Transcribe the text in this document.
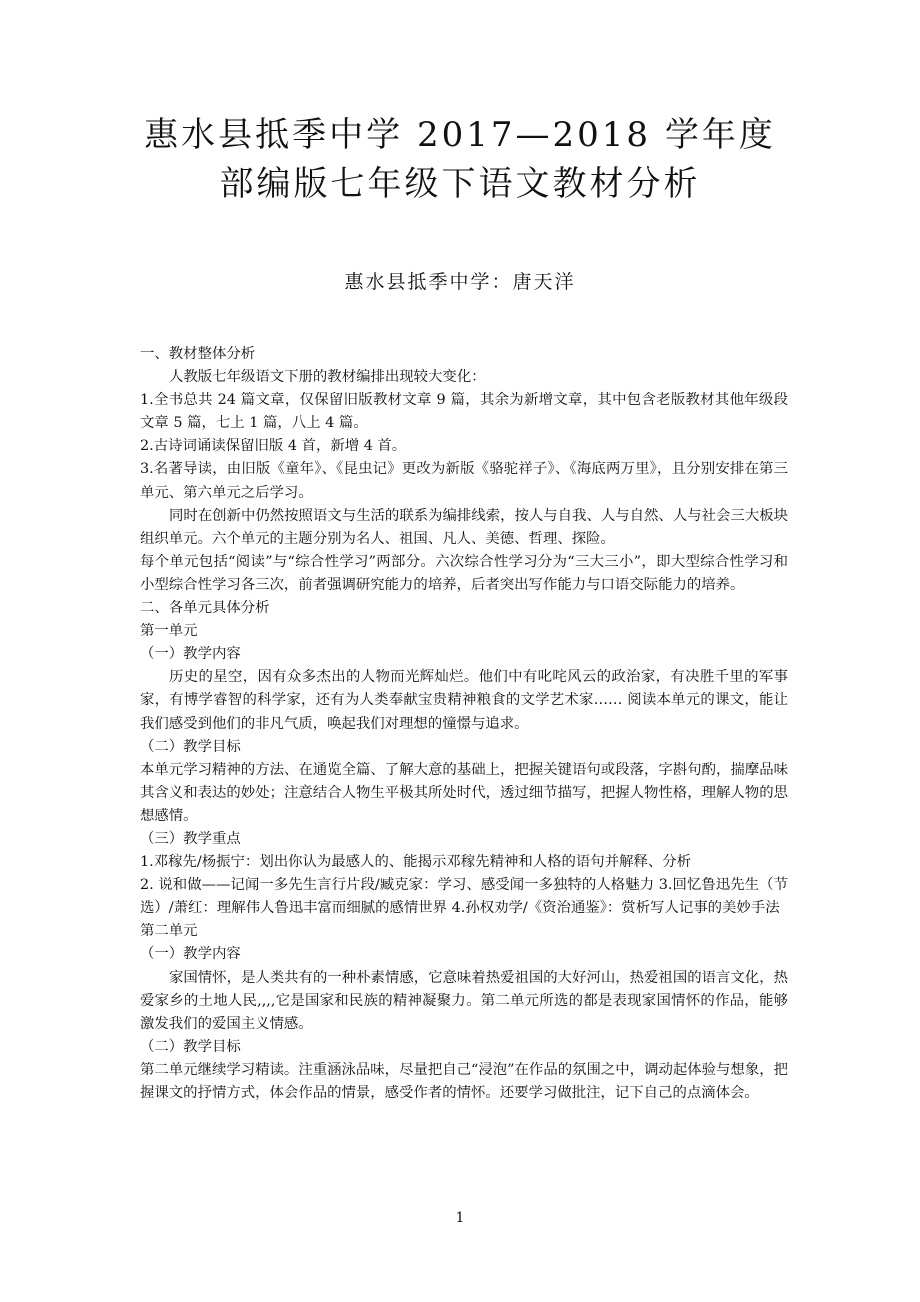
惠水县抵季中学 2017—2018 学年度
部编版七年级下语文教材分析
惠水县抵季中学：唐天洋

一、教材整体分析

人教版七年级语文下册的教材编排出现较大变化：

1.全书总共 24 篇文章，仅保留旧版教材文章 9 篇，其余为新增文章，其中包含老版教材其他年级段文章 5 篇，七上 1 篇，八上 4 篇。

2.古诗词诵读保留旧版 4 首，新增 4 首。

3.名著导读，由旧版《童年》、《昆虫记》更改为新版《骆驼祥子》、《海底两万里》，且分别安排在第三单元、第六单元之后学习。

同时在创新中仍然按照语文与生活的联系为编排线索，按人与自我、人与自然、人与社会三大板块组织单元。六个单元的主题分别为名人、祖国、凡人、美德、哲理、探险。

每个单元包括“阅读”与“综合性学习”两部分。六次综合性学习分为“三大三小”，即大型综合性学习和小型综合性学习各三次，前者强调研究能力的培养，后者突出写作能力与口语交际能力的培养。

二、各单元具体分析

第一单元

（一）教学内容

历史的星空，因有众多杰出的人物而光辉灿烂。他们中有叱咤风云的政治家，有决胜千里的军事家，有博学睿智的科学家，还有为人类奉献宝贵精神粮食的文学艺术家…… 阅读本单元的课文，能让我们感受到他们的非凡气质，唤起我们对理想的憧憬与追求。

（二）教学目标

本单元学习精神的方法、在通览全篇、了解大意的基础上，把握关键语句或段落，字斟句酌，揣摩品味其含义和表达的妙处；注意结合人物生平极其所处时代，透过细节描写，把握人物性格，理解人物的思想感情。

（三）教学重点

1.邓稼先/杨振宁：划出你认为最感人的、能揭示邓稼先精神和人格的语句并解释、分析

2. 说和做——记闻一多先生言行片段/臧克家：学习、感受闻一多独特的人格魅力 3.回忆鲁迅先生（节选）/萧红：理解伟人鲁迅丰富而细腻的感情世界 4.孙权劝学/《资治通鉴》：赏析写人记事的美妙手法

第二单元

（一）教学内容

家国情怀，是人类共有的一种朴素情感，它意味着热爱祖国的大好河山，热爱祖国的语言文化，热爱家乡的土地人民,,,,它是国家和民族的精神凝聚力。第二单元所选的都是表现家国情怀的作品，能够激发我们的爱国主义情感。

（二）教学目标

第二单元继续学习精读。注重涵泳品味，尽量把自己“浸泡”在作品的氛围之中，调动起体验与想象，把握课文的抒情方式，体会作品的情景，感受作者的情怀。还要学习做批注，记下自己的点滴体会。

1
